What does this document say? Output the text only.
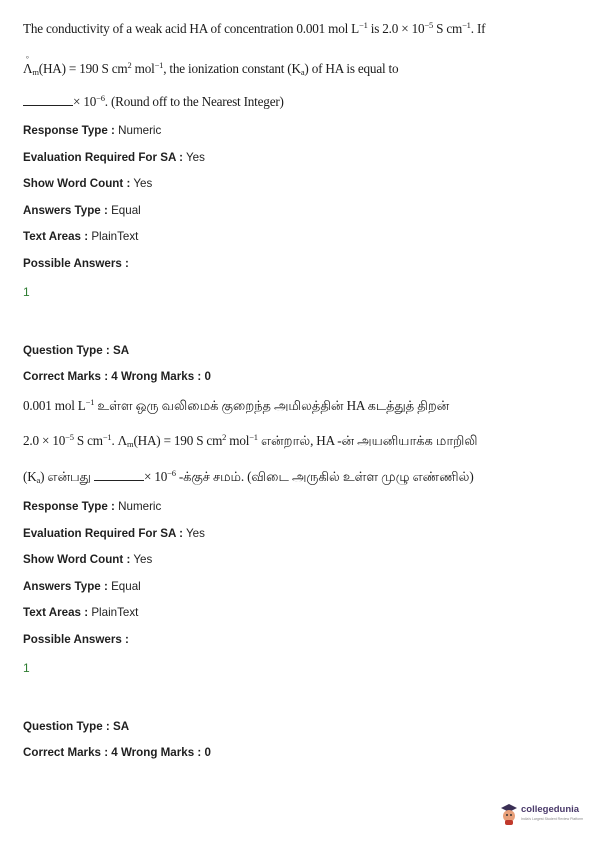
The conductivity of a weak acid HA of concentration 0.001 mol $L^{-1}$ is $2.0 \times 10^{-5}$ S $cm^{-1}$. If
°
$\Lambda_m(HA) = 190$ S $cm^2$ mol$^{-1}$, the ionization constant $(K_a)$ of HA is equal to
× $10^{-6}$. (Round off to the Nearest Integer)
Response Type : Numeric
Evaluation Required For SA : Yes
Show Word Count : Yes
Answers Type : Equal
Text Areas : PlainText
Possible Answers :
1
Question Type : SA
Correct Marks : 4 Wrong Marks : 0
0.001 mol $L^{-1}$ உள்ள ஒரு வலிமைக் குறைந்த அமிலத்தின் HA கடத்துத் திறன்
$2.0 \times 10^{-5}$ S $cm^{-1}$. $\Lambda_m(HA) = 190$ S $cm^2$ mol$^{-1}$ என்றால், HA -ன் அயனியாக்க மாறிலி
$(K_a)$ என்பது	× $10^{-6}$ -க்குச் சமம். (விடை அருகில் உள்ள முழு எண்ணில்)
Response Type : Numeric
Evaluation Required For SA : Yes
Show Word Count : Yes
Answers Type : Equal
Text Areas : PlainText
Possible Answers :
1
Question Type : SA
Correct Marks : 4 Wrong Marks : 0
collegedunia
India's Largest Student Review Platform
